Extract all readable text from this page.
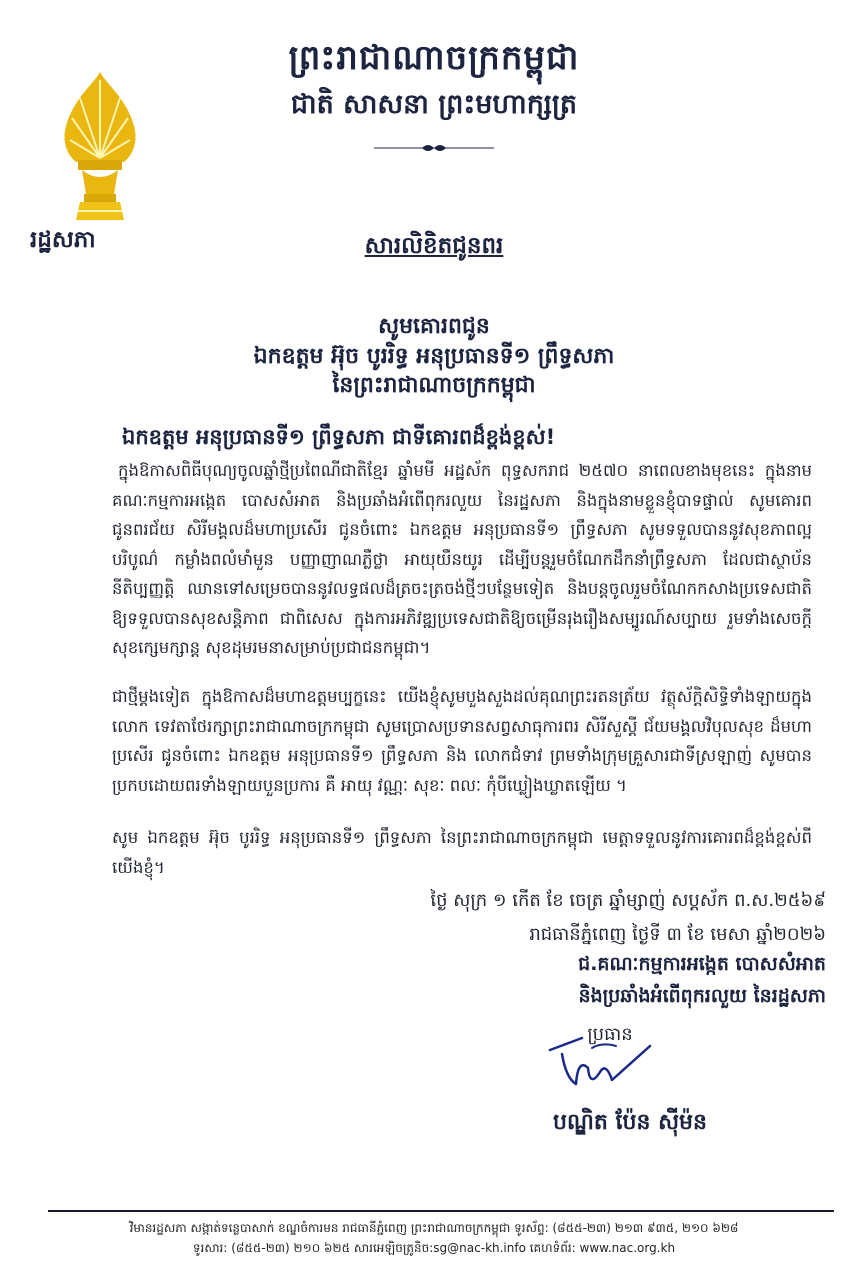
ព្រះរាជាណាចក្រកម្ពុជា
ជាតិ សាសនា ព្រះមហាក្សត្រ
រដ្ឋសភា	សារលិខិតជូនពរ
សូមគោរពជូន
ឯកឧត្តម អ៊ុច បូររិទ្ធ អនុប្រធានទី១ ព្រឹទ្ធសភា
នៃព្រះរាជាណាចក្រកម្ពុជា
ឯកឧត្តម អនុប្រធានទី១ ព្រឹទ្ធសភា ជាទីគោរពដ៏ខ្ពង់ខ្ពស់!
ក្នុងឱកាសពិធីបុណ្យចូលឆ្នាំថ្មីប្រពៃណីជាតិខ្មែរ ឆ្នាំមមី អដ្ឋស័ក ពុទ្ធសករាជ ២៥៧០ នាពេលខាងមុខនេះ ក្នុងនាមគណៈកម្មការអង្កេត បោសសំអាត និងប្រឆាំងអំពើពុករលួយ នៃរដ្ឋសភា និងក្នុងនាមខ្លួនខ្ញុំបាទផ្ទាល់ សូមគោរពជូនពរជ័យ សិរីមង្គលដ៏មហាប្រសើរ ជូនចំពោះ ឯកឧត្តម អនុប្រធានទី១ ព្រឹទ្ធសភា សូមទទួលបាននូវសុខភាពល្អបរិបូណ៌ កម្លាំងពលំមាំមួន បញ្ញាញាណភ្លឺថ្លា អាយុយឺនយូរ ដើម្បីបន្តរួមចំណែកដឹកនាំព្រឹទ្ធសភា ដែលជាស្ថាប័ននីតិប្បញ្ញត្តិ ឈានទៅសម្រេចបាននូវលទ្ធផលដ៏ត្រចះត្រចង់ថ្មីៗបន្ថែមទៀត និងបន្តចូលរួមចំណែកកសាងប្រទេសជាតិឱ្យទទួលបានសុខសន្តិភាព ជាពិសេស ក្នុងការអភិវឌ្ឍប្រទេសជាតិឱ្យចម្រើនរុងរឿងសម្បូរណ៍សប្បាយ រួមទាំងសេចក្ដីសុខក្សេមក្សាន្ត សុខដុមរមនាសម្រាប់ប្រជាជនកម្ពុជា។
ជាថ្មីម្ដងទៀត ក្នុងឱកាសដ៏មហាឧត្តមប្បក្ខនេះ យើងខ្ញុំសូមបួងសួងដល់គុណព្រះរតនត្រ័យ វត្ថុស័ក្ដិសិទ្ធិទាំងឡាយក្នុងលោក ទេវតាថែរក្សាព្រះរាជាណាចក្រកម្ពុជា សូមប្រោសប្រទានសព្វសាធុការពរ សិរីសួស្ដី ជ័យមង្គលវិបុលសុខ ដ៏មហាប្រសើរ ជូនចំពោះ ឯកឧត្តម អនុប្រធានទី១ ព្រឹទ្ធសភា និង លោកជំទាវ ព្រមទាំងក្រុមគ្រួសារជាទីស្រឡាញ់ សូមបានប្រកបដោយពរទាំងឡាយបួនប្រការ គឺ អាយុ វណ្ណៈ សុខៈ ពលៈ កុំបីឃ្លៀងឃ្លាតឡើយ ។
សូម ឯកឧត្តម អ៊ុច បូររិទ្ធ អនុប្រធានទី១ ព្រឹទ្ធសភា នៃព្រះរាជាណាចក្រកម្ពុជា មេត្តាទទួលនូវការគោរពដ៏ខ្ពង់ខ្ពស់ពីយើងខ្ញុំ។
ថ្ងៃ សុក្រ ១ កើត ខែ ចេត្រ ឆ្នាំម្សាញ់ សប្តស័ក ព.ស.២៥៦៩
រាជធានីភ្នំពេញ ថ្ងៃទី ៣ ខែ មេសា ឆ្នាំ២០២៦
ជ.គណៈកម្មការអង្កេត បោសសំអាត
និងប្រឆាំងអំពើពុករលួយ នៃរដ្ឋសភា
ប្រធាន
បណ្ឌិត ប៉ែន ស៊ីម៉ន
វិមានរដ្ឋសភា សង្កាត់ទន្លេបាសាក់ ខណ្ឌចំការមន រាជធានីភ្នំពេញ ព្រះរាជាណាចក្រកម្ពុជា ទូរស័ព្ទ: (៨៥៥-២៣) ២១៣ ៩៣៥, ២១០ ៦២៨
ទូរសារ: (៨៥៥-២៣) ២១០ ៦២៥ សារអេឡិចត្រូនិច:sg@nac-kh.info គេហទំព័រ: www.nac.org.kh
